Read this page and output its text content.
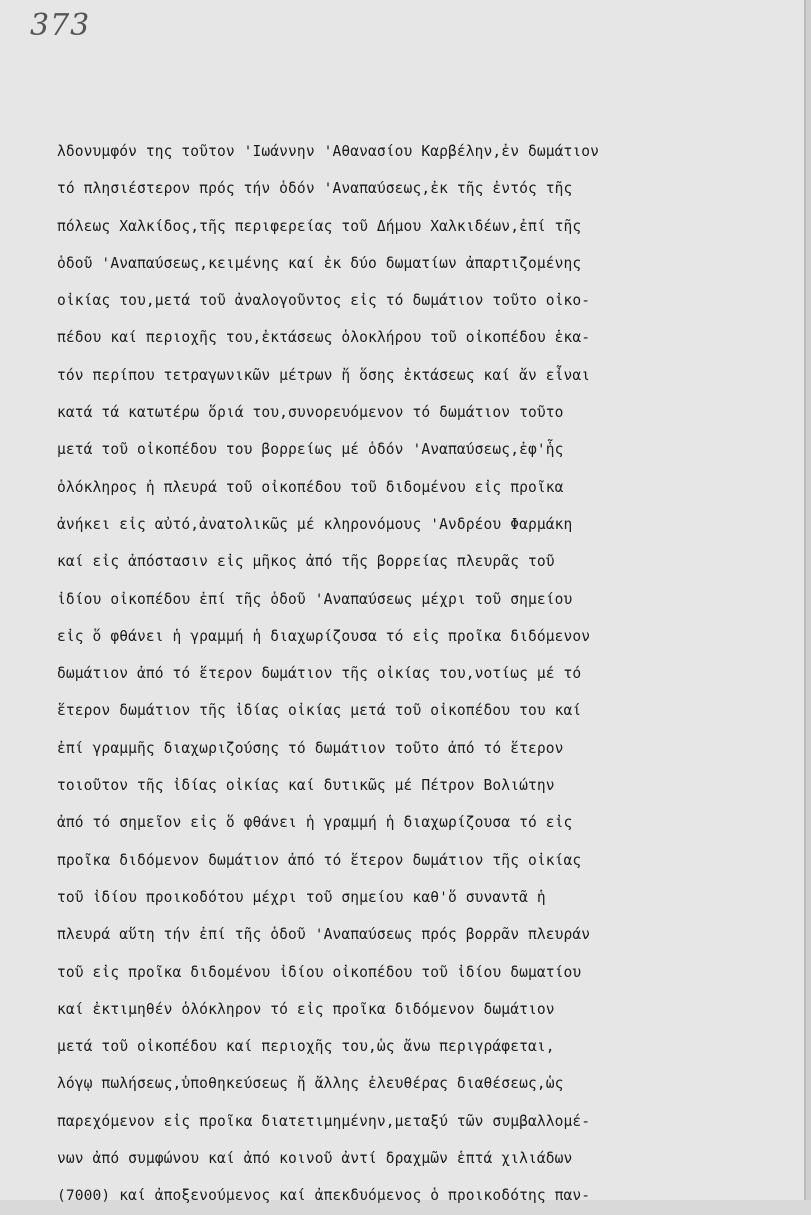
373
λδονυμφόν της τοῦτον 'Ιωάννην 'Αθανασίου Καρβέλην,ἐν δωμάτιον
τό πλησιέστερον πρός τήν ὁδόν 'Αναπαύσεως,ἐκ τῆς ἐντός τῆς
πόλεως Χαλκίδος,τῆς περιφερείας τοῦ Δήμου Χαλκιδέων,ἐπί τῆς
ὁδοῦ 'Αναπαύσεως,κειμένης καί ἐκ δύο δωματίων ἀπαρτιζομένης
οἰκίας του,μετά τοῦ ἀναλογοῦντος εἰς τό δωμάτιον τοῦτο οἰκο-
πέδου καί περιοχῆς του,ἐκτάσεως ὁλοκλήρου τοῦ οἰκοπέδου ἑκα-
τόν περίπου τετραγωνικῶν μέτρων ἤ ὅσης ἐκτάσεως καί ἄν εἶναι
κατά τά κατωτέρω ὅριά του,συνορευόμενον τό δωμάτιον τοῦτο
μετά τοῦ οἰκοπέδου του βορρείως μέ ὁδόν 'Αναπαύσεως,ἐφ'ἧς
ὁλόκληρος ἡ πλευρά τοῦ οἰκοπέδου τοῦ διδομένου εἰς προῖκα
ἀνήκει εἰς αὐτό,ἀνατολικῶς μέ κληρονόμους 'Ανδρέου Φαρμάκη
καί εἰς ἀπόστασιν εἰς μῆκος ἀπό τῆς βορρείας πλευρᾶς τοῦ
ἰδίου οἰκοπέδου ἐπί τῆς ὁδοῦ 'Αναπαύσεως μέχρι τοῦ σημείου
εἰς ὅ φθάνει ἡ γραμμή ἡ διαχωρίζουσα τό εἰς προῖκα διδόμενον
δωμάτιον ἀπό τό ἕτερον δωμάτιον τῆς οἰκίας του,νοτίως μέ τό
ἕτερον δωμάτιον τῆς ἰδίας οἰκίας μετά τοῦ οἰκοπέδου του καί
ἐπί γραμμῆς διαχωριζούσης τό δωμάτιον τοῦτο ἀπό τό ἕτερον
τοιοῦτον τῆς ἰδίας οἰκίας καί δυτικῶς μέ Πέτρον Βολιώτην
ἀπό τό σημεῖον εἰς ὅ φθάνει ἡ γραμμή ἡ διαχωρίζουσα τό εἰς
προῖκα διδόμενον δωμάτιον ἀπό τό ἕτερον δωμάτιον τῆς οἰκίας
τοῦ ἰδίου προικοδότου μέχρι τοῦ σημείου καθ'ὅ συναντᾶ ἡ
πλευρά αὕτη τήν ἐπί τῆς ὁδοῦ 'Αναπαύσεως πρός βορρᾶν πλευράν
τοῦ εἰς προῖκα διδομένου ἰδίου οἰκοπέδου τοῦ ἰδίου δωματίου
καί ἐκτιμηθέν ὁλόκληρον τό εἰς προῖκα διδόμενον δωμάτιον
μετά τοῦ οἰκοπέδου καί περιοχῆς του,ὡς ἄνω περιγράφεται,
λόγῳ πωλήσεως,ὑποθηκεύσεως ἤ ἄλλης ἐλευθέρας διαθέσεως,ὡς
παρεχόμενον εἰς προῖκα διατετιμημένην,μεταξύ τῶν συμβαλλομέ-
νων ἀπό συμφώνου καί ἀπό κοινοῦ ἀντί δραχμῶν ἑπτά χιλιάδων
(7000) καί ἀποξενούμενος καί ἀπεκδυόμενος ὁ προικοδότης παν-
